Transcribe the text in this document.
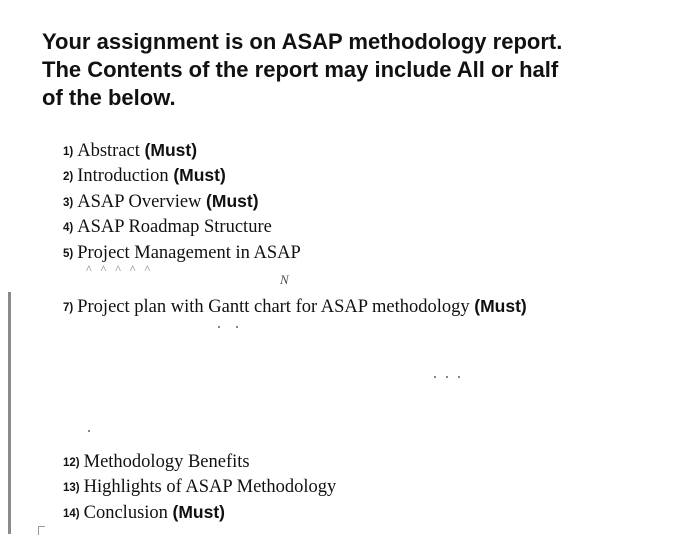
Your assignment is on ASAP methodology report.
The Contents of the report may include All or half
of the below.
1) Abstract (Must)
2) Introduction (Must)
3) ASAP Overview (Must)
4) ASAP Roadmap Structure
5) Project Management in ASAP
^ ^ ^ ^ ^
N
7) Project plan with Gantt chart for ASAP methodology (Must)
12) Methodology Benefits
13) Highlights of ASAP Methodology
14) Conclusion (Must)
